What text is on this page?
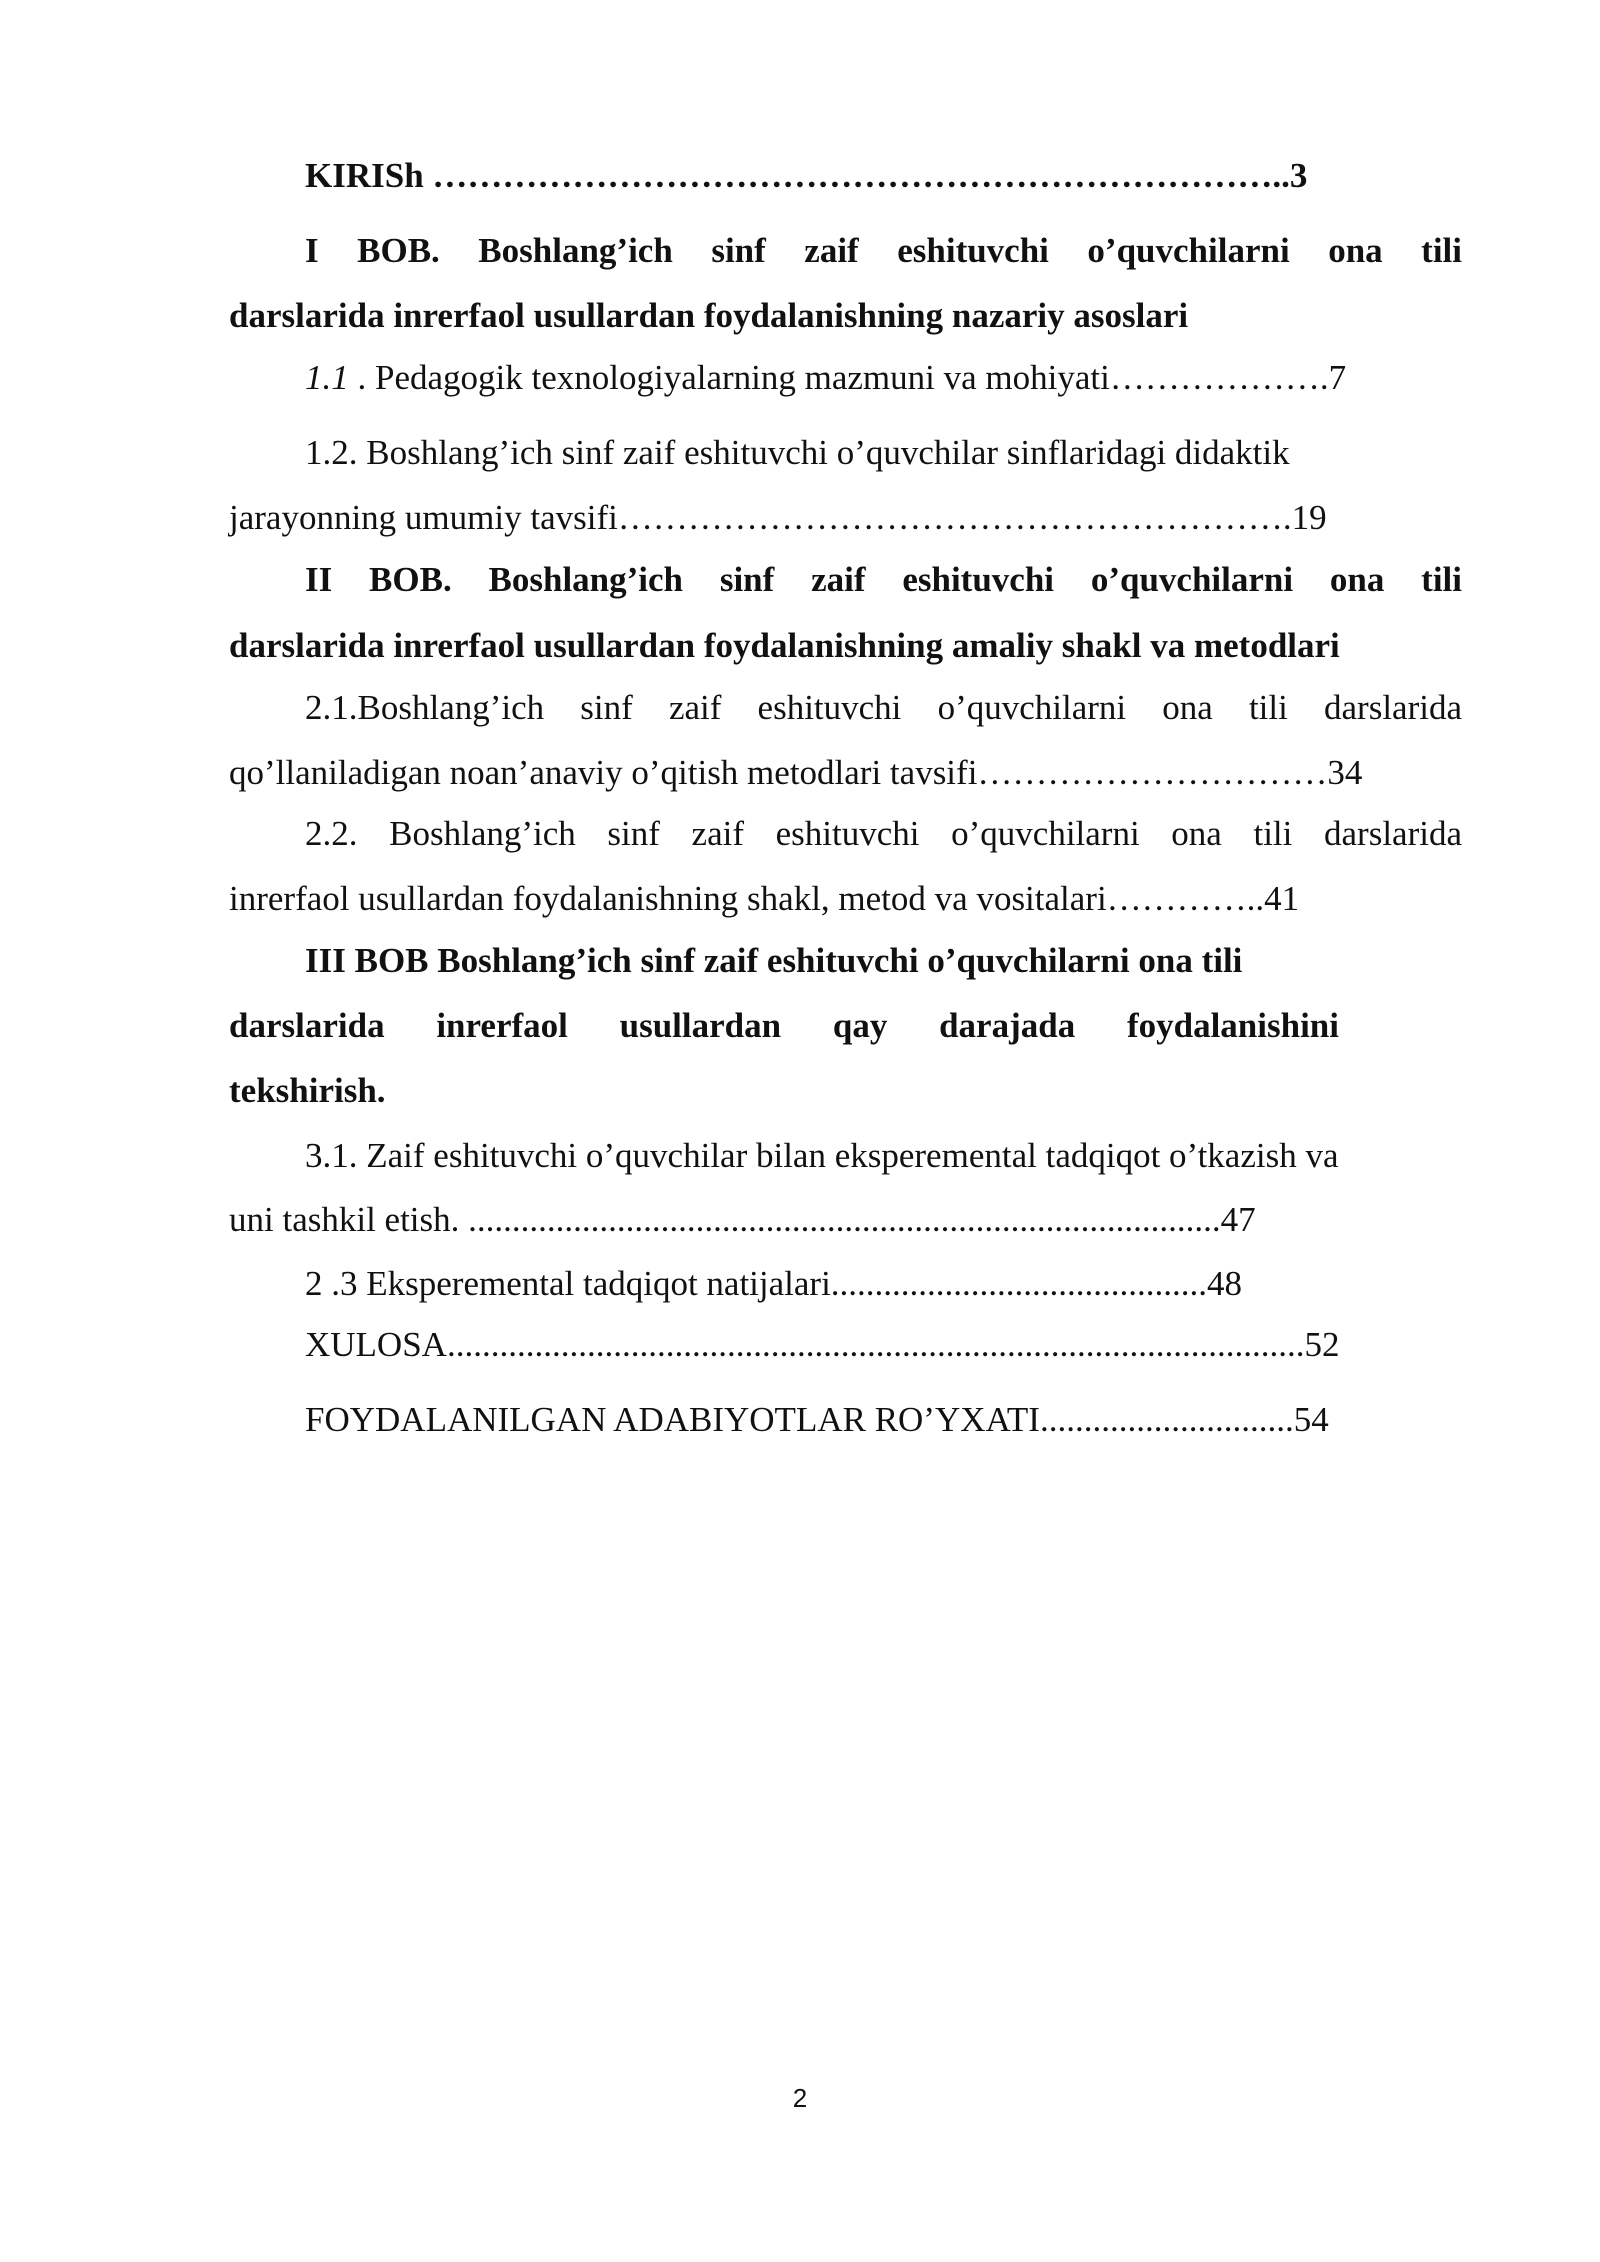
KIRISh ………………………………………………………………..3
I BOB. Boshlang’ich sinf zaif eshituvchi o’quvchilarni ona tili
darslarida inrerfaol usullardan foydalanishning nazariy asoslari
1.1 . Pedagogik texnologiyalarning mazmuni va mohiyati……………….7
1.2. Boshlang’ich sinf zaif eshituvchi o’quvchilar sinflaridagi didaktik
jarayonning umumiy tavsifi………………………………………………….19
II BOB. Boshlang’ich sinf zaif eshituvchi o’quvchilarni ona tili
darslarida inrerfaol usullardan foydalanishning amaliy shakl va metodlari
2.1.Boshlang’ich sinf zaif eshituvchi o’quvchilarni ona tili darslarida
qo’llaniladigan noan’anaviy o’qitish metodlari tavsifi…………………………34
2.2. Boshlang’ich sinf zaif eshituvchi o’quvchilarni ona tili darslarida
inrerfaol usullardan foydalanishning shakl, metod va vositalari…………..41
III BOB Boshlang’ich sinf zaif eshituvchi o’quvchilarni ona tili
darslarida inrerfaol usullardan qay darajada foydalanishini
tekshirish.
3.1. Zaif eshituvchi o’quvchilar bilan eksperemental tadqiqot o’tkazish va
uni tashkil etish. ......................................................................................47
2 .3 Eksperemental tadqiqot natijalari...........................................48
XULOSA..................................................................................................52
FOYDALANILGAN ADABIYOTLAR RO’YXATI.............................54
2
